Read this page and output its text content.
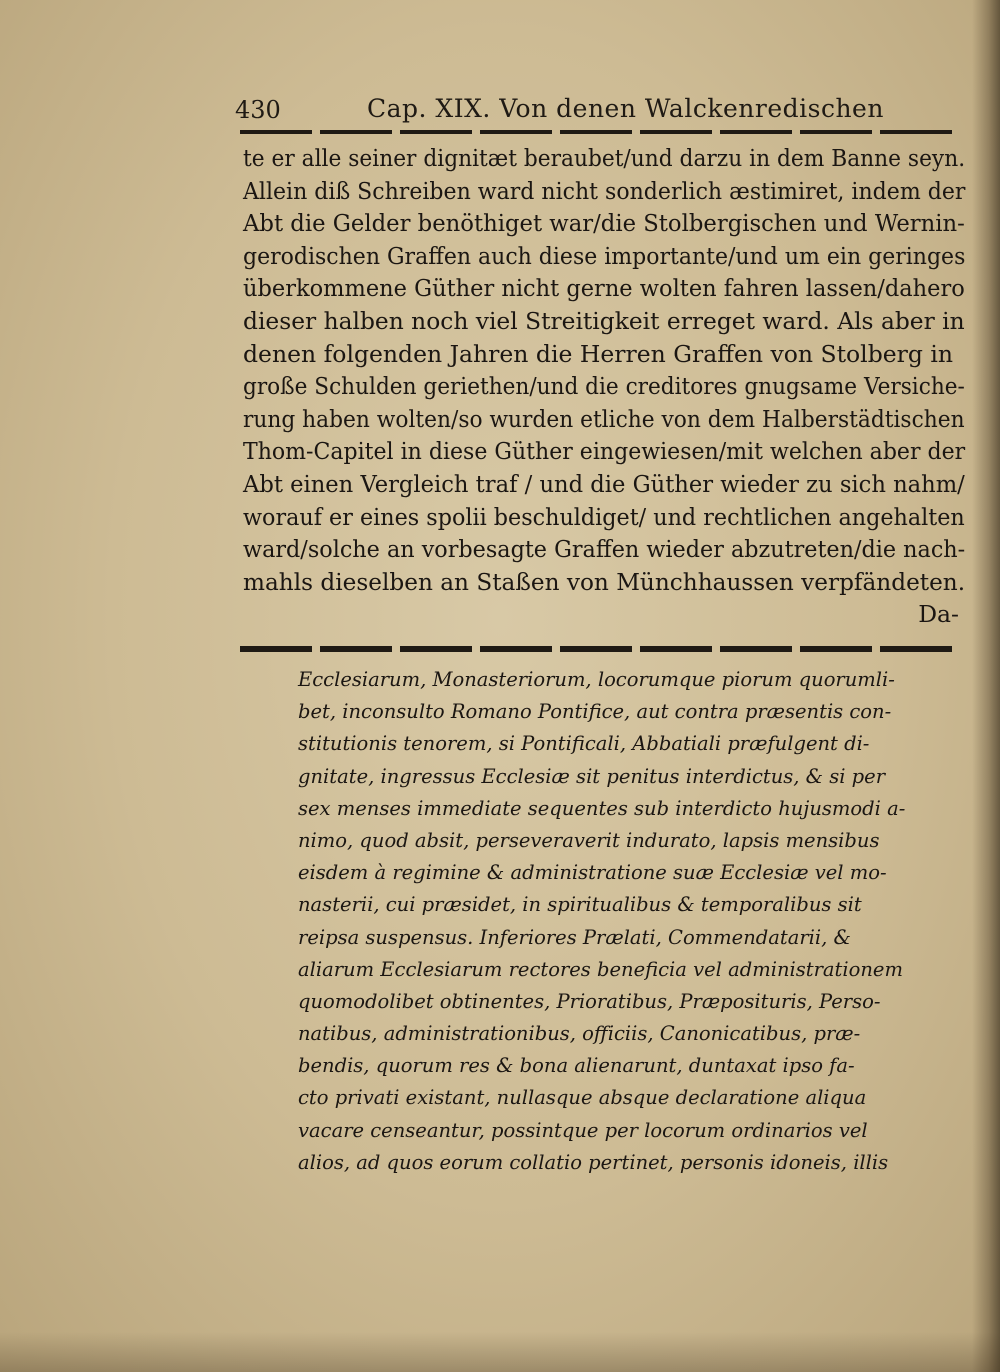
430	Cap. XIX. Von denen Walckenredischen
te er alle seiner dignitæt beraubet/und darzu in dem Banne seyn.
Allein diß Schreiben ward nicht sonderlich æstimiret, indem der
Abt die Gelder benöthiget war/die Stolbergischen und Wernin-
gerodischen Graffen auch diese importante/und um ein geringes
überkommene Güther nicht gerne wolten fahren lassen/dahero
dieser halben noch viel Streitigkeit erreget ward. Als aber in
denen folgenden Jahren die Herren Graffen von Stolberg in
große Schulden geriethen/und die creditores gnugsame Versiche-
rung haben wolten/so wurden etliche von dem Halberstädtischen
Thom-Capitel in diese Güther eingewiesen/mit welchen aber der
Abt einen Vergleich traf / und die Güther wieder zu sich nahm/
worauf er eines spolii beschuldiget/ und rechtlichen angehalten
ward/solche an vorbesagte Graffen wieder abzutreten/die nach-
mahls dieselben an Staßen von Münchhaussen verpfändeten.
Da-
Ecclesiarum, Monasteriorum, locorumque piorum quorumli-
bet, inconsulto Romano Pontifice, aut contra præsentis con-
stitutionis tenorem, si Pontificali, Abbatiali præfulgent di-
gnitate, ingressus Ecclesiæ sit penitus interdictus, & si per
sex menses immediate sequentes sub interdicto hujusmodi a-
nimo, quod absit, perseveraverit indurato, lapsis mensibus
eisdem à regimine & administratione suæ Ecclesiæ vel mo-
nasterii, cui præsidet, in spiritualibus & temporalibus sit
reipsa suspensus. Inferiores Prælati, Commendatarii, &
aliarum Ecclesiarum rectores beneficia vel administrationem
quomodolibet obtinentes, Prioratibus, Præposituris, Perso-
natibus, administrationibus, officiis, Canonicatibus, præ-
bendis, quorum res & bona alienarunt, duntaxat ipso fa-
cto privati existant, nullasque absque declaratione aliqua
vacare censeantur, possintque per locorum ordinarios vel
alios, ad quos eorum collatio pertinet, personis idoneis, illis
